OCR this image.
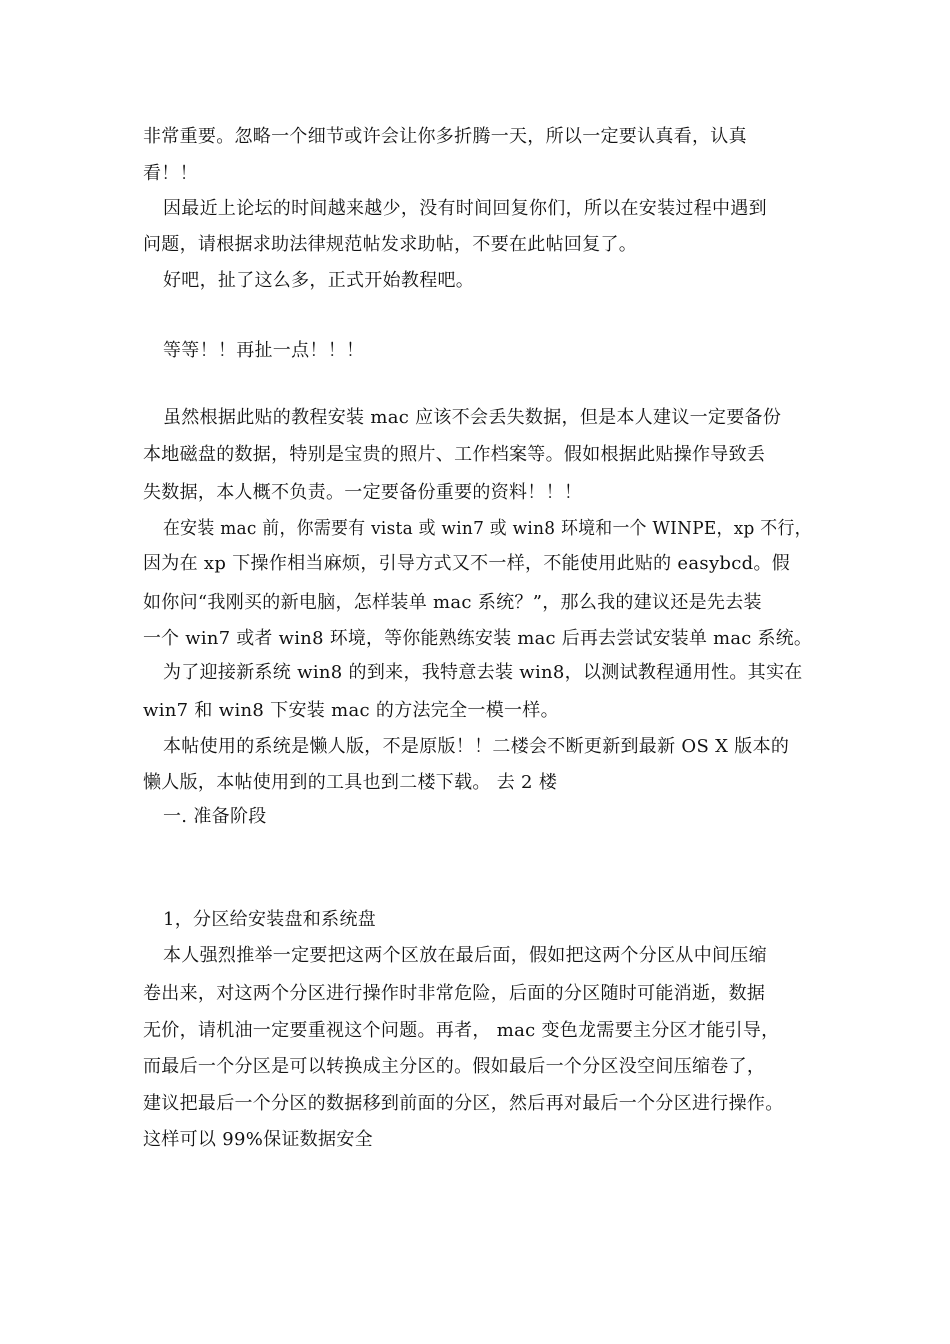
非常重要。忽略一个细节或许会让你多折腾一天，所以一定要认真看，认真
看！！
因最近上论坛的时间越来越少，没有时间回复你们，所以在安装过程中遇到
问题，请根据求助法律规范帖发求助帖，不要在此帖回复了。
好吧，扯了这么多，正式开始教程吧。
等等！！再扯一点！！！
虽然根据此贴的教程安装 mac 应该不会丢失数据，但是本人建议一定要备份
本地磁盘的数据，特别是宝贵的照片、工作档案等。假如根据此贴操作导致丢
失数据，本人概不负责。一定要备份重要的资料！！！
在安装 mac 前，你需要有 vista 或 win7 或 win8 环境和一个 WINPE，xp 不行，
因为在 xp 下操作相当麻烦，引导方式又不一样，不能使用此贴的 easybcd。假
如你问“我刚买的新电脑，怎样装单 mac 系统？”，那么我的建议还是先去装
一个 win7 或者 win8 环境，等你能熟练安装 mac 后再去尝试安装单 mac 系统。
为了迎接新系统 win8 的到来，我特意去装 win8，以测试教程通用性。其实在
win7 和 win8 下安装 mac 的方法完全一模一样。
本帖使用的系统是懒人版，不是原版！！二楼会不断更新到最新 OS X 版本的
懒人版，本帖使用到的工具也到二楼下载。 去 2 楼
一. 准备阶段
1，分区给安装盘和系统盘
本人强烈推举一定要把这两个区放在最后面，假如把这两个分区从中间压缩
卷出来，对这两个分区进行操作时非常危险，后面的分区随时可能消逝，数据
无价，请机油一定要重视这个问题。再者， mac 变色龙需要主分区才能引导，
而最后一个分区是可以转换成主分区的。假如最后一个分区没空间压缩卷了，
建议把最后一个分区的数据移到前面的分区，然后再对最后一个分区进行操作。
这样可以 99%保证数据安全
